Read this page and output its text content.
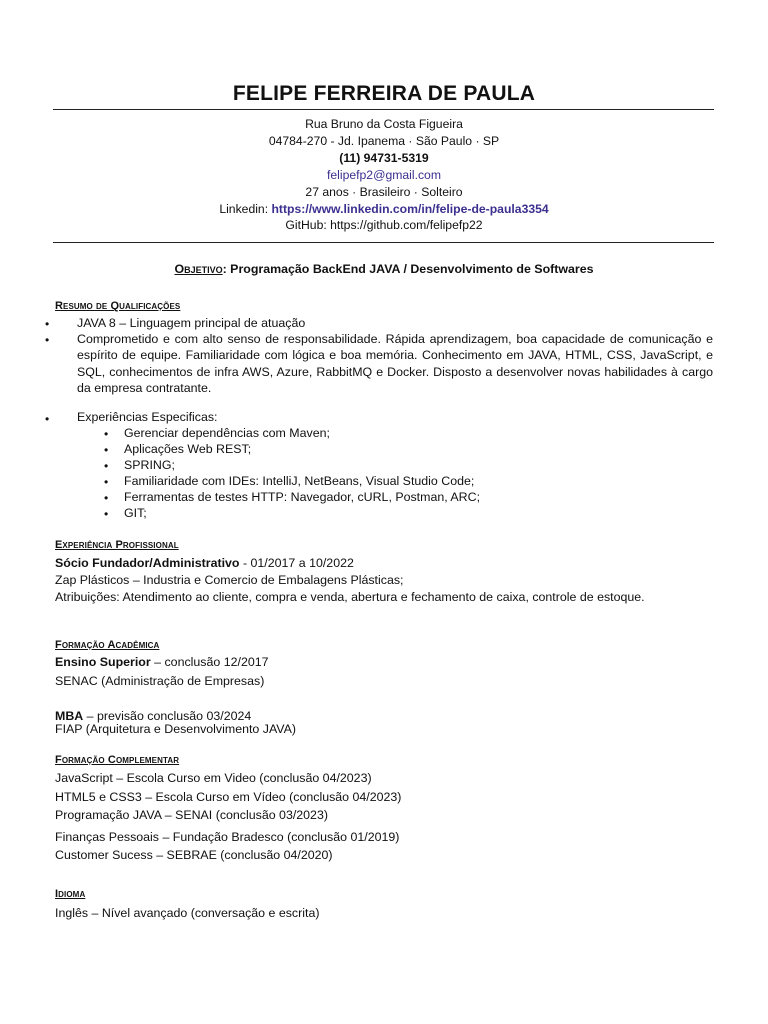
FELIPE FERREIRA DE PAULA
Rua Bruno da Costa Figueira
04784-270 - Jd. Ipanema · São Paulo · SP
(11) 94731-5319
felipefp2@gmail.com
27 anos · Brasileiro · Solteiro
Linkedin: https://www.linkedin.com/in/felipe-de-paula3354
GitHub: https://github.com/felipefp22
Objetivo: Programação BackEnd JAVA / Desenvolvimento de Softwares
Resumo de Qualificações
• JAVA 8 – Linguagem principal de atuação
• Comprometido e com alto senso de responsabilidade. Rápida aprendizagem, boa capacidade de comunicação e espírito de equipe. Familiaridade com lógica e boa memória. Conhecimento em JAVA, HTML, CSS, JavaScript, e SQL, conhecimentos de infra AWS, Azure, RabbitMQ e Docker. Disposto a desenvolver novas habilidades à cargo da empresa contratante.
• Experiências Especificas:
• Gerenciar dependências com Maven;
• Aplicações Web REST;
• SPRING;
• Familiaridade com IDEs: IntelliJ, NetBeans, Visual Studio Code;
• Ferramentas de testes HTTP: Navegador, cURL, Postman, ARC;
• GIT;
Experiência Profissional
Sócio Fundador/Administrativo - 01/2017 a 10/2022
Zap Plásticos – Industria e Comercio de Embalagens Plásticas;
Atribuições: Atendimento ao cliente, compra e venda, abertura e fechamento de caixa, controle de estoque.
Formação Acadêmica
Ensino Superior – conclusão 12/2017
SENAC (Administração de Empresas)
MBA – previsão conclusão 03/2024
FIAP (Arquitetura e Desenvolvimento JAVA)
Formação Complementar
JavaScript – Escola Curso em Video (conclusão 04/2023)
HTML5 e CSS3 – Escola Curso em Vídeo (conclusão 04/2023)
Programação JAVA – SENAI (conclusão 03/2023)
Finanças Pessoais – Fundação Bradesco (conclusão 01/2019)
Customer Sucess – SEBRAE (conclusão 04/2020)
Idioma
Inglês – Nível avançado (conversação e escrita)
